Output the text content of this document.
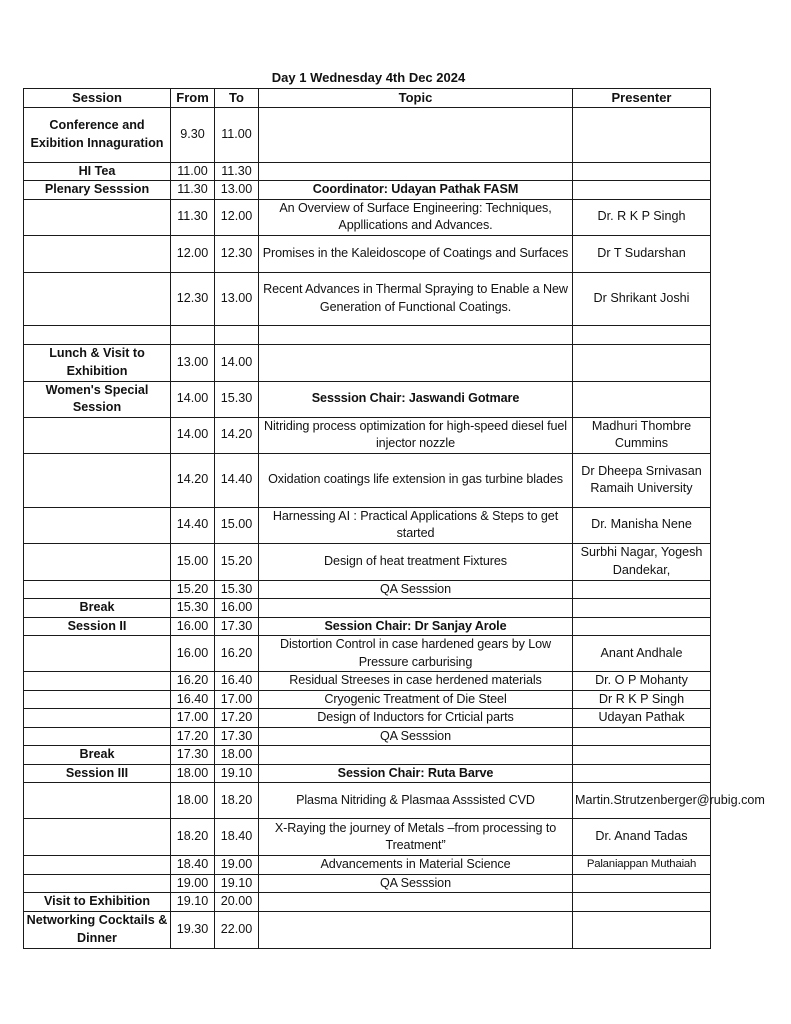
Day 1 Wednesday 4th Dec 2024
Session	From	To	Topic	Presenter
Conference and Exibition Innaguration	9.30	11.00		
HI Tea	11.00	11.30		
Plenary Sesssion	11.30	13.00	Coordinator: Udayan Pathak FASM	
	11.30	12.00	An Overview of Surface Engineering: Techniques, Appllications and Advances.	Dr. R K P Singh
	12.00	12.30	Promises in the Kaleidoscope of Coatings and Surfaces	Dr T Sudarshan
	12.30	13.00	Recent Advances in Thermal Spraying to Enable a New Generation of Functional Coatings.	Dr Shrikant Joshi

Lunch & Visit to Exhibition	13.00	14.00		
Women's Special Session	14.00	15.30	Sesssion Chair: Jaswandi Gotmare	
	14.00	14.20	Nitriding process optimization for high-speed diesel fuel injector nozzle	Madhuri Thombre Cummins
	14.20	14.40	Oxidation coatings life extension in gas turbine blades	Dr Dheepa Srnivasan Ramaih University
	14.40	15.00	Harnessing AI : Practical Applications & Steps to get started	Dr. Manisha Nene
	15.00	15.20	Design of heat treatment Fixtures	Surbhi Nagar, Yogesh Dandekar,
	15.20	15.30	QA Sesssion	
Break	15.30	16.00		
Session II	16.00	17.30	Session Chair: Dr Sanjay Arole	
	16.00	16.20	Distortion Control in case hardened gears by Low Pressure carburising	Anant Andhale
	16.20	16.40	Residual Streeses in case herdened materials	Dr. O P Mohanty
	16.40	17.00	Cryogenic Treatment of Die Steel	Dr R K P Singh
	17.00	17.20	Design of Inductors for Crticial parts	Udayan Pathak
	17.20	17.30	QA Sesssion	
Break	17.30	18.00		
Session III	18.00	19.10	Session Chair: Ruta Barve	
	18.00	18.20	Plasma Nitriding & Plasmaa Asssisted CVD	Martin.Strutzenberger@rubig.com
	18.20	18.40	X-Raying the journey of Metals –from processing to Treatment”	Dr. Anand Tadas
	18.40	19.00	Advancements in Material Science	Palaniappan Muthaiah
	19.00	19.10	QA Sesssion	
Visit to Exhibition	19.10	20.00		
Networking Cocktails & Dinner	19.30	22.00		
